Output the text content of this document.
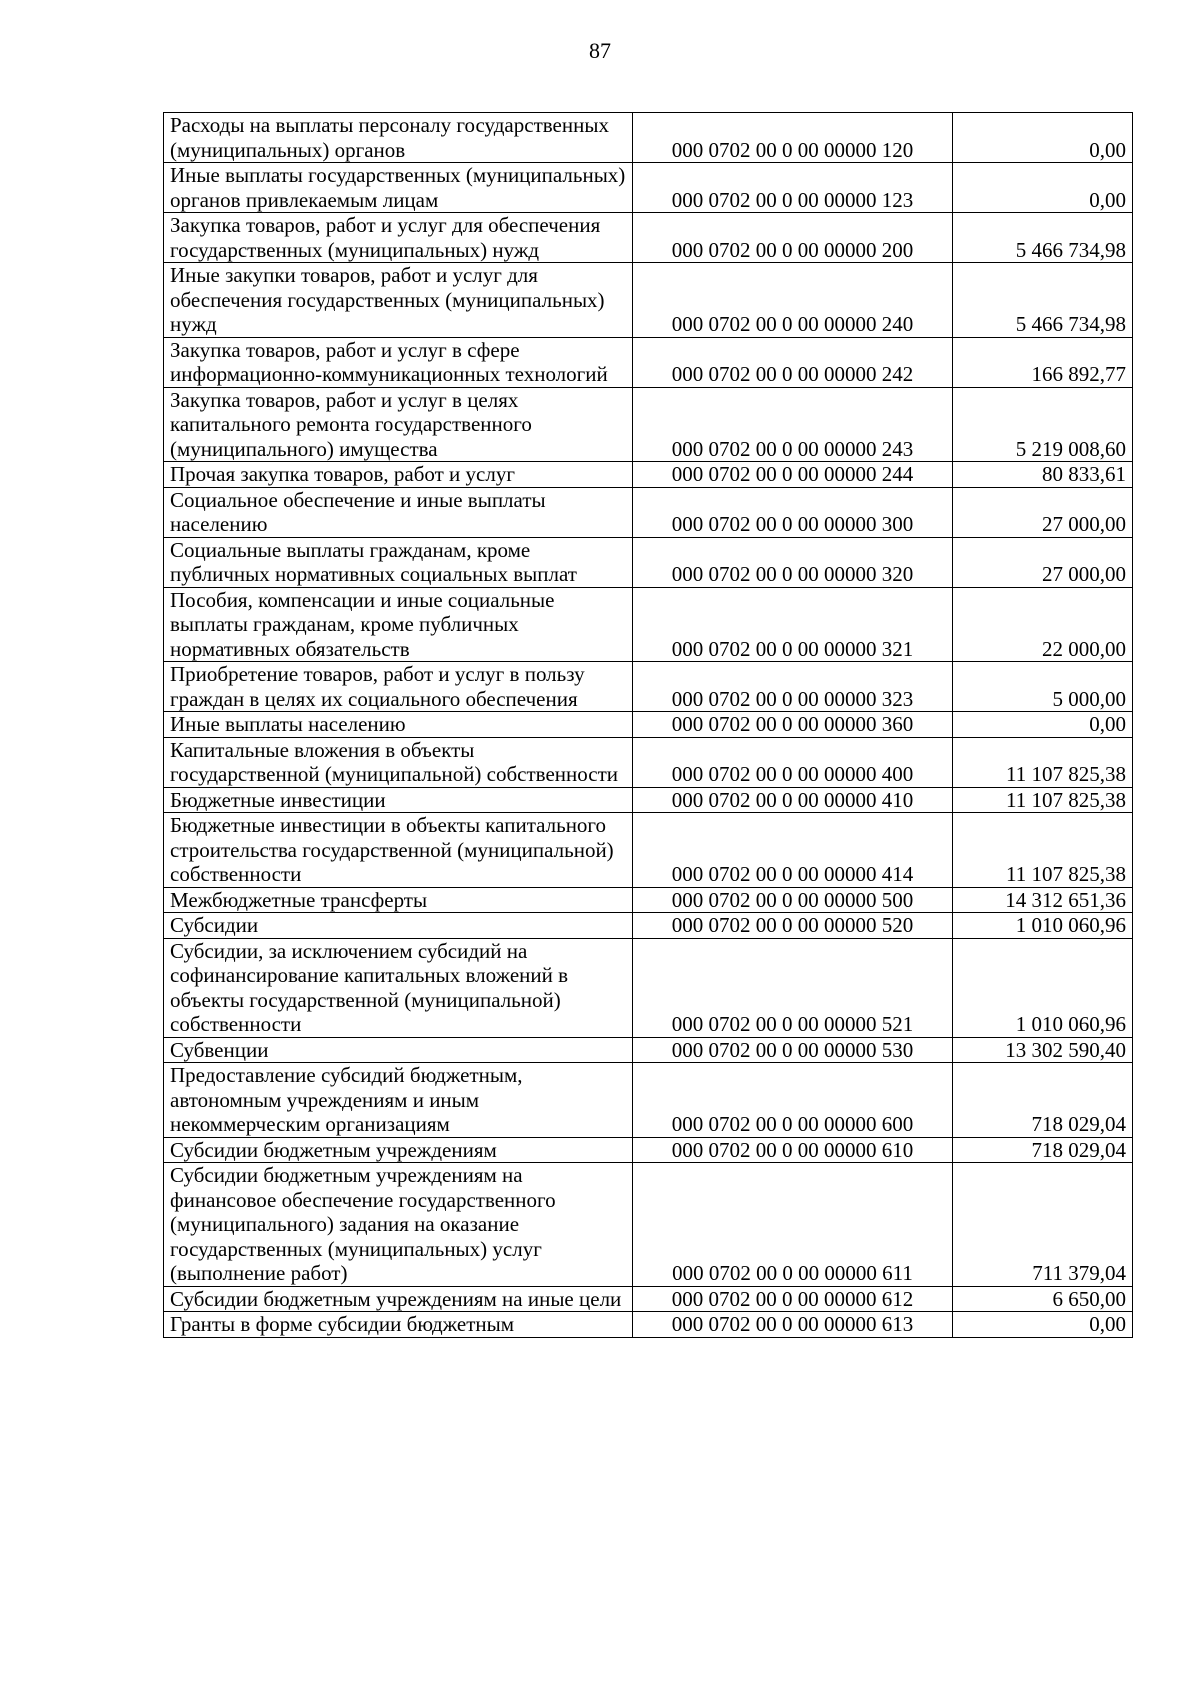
87
Расходы на выплаты персоналу государственных (муниципальных) органов	000 0702 00 0 00 00000 120	0,00
Иные выплаты государственных (муниципальных) органов привлекаемым лицам	000 0702 00 0 00 00000 123	0,00
Закупка товаров, работ и услуг для обеспечения государственных (муниципальных) нужд	000 0702 00 0 00 00000 200	5 466 734,98
Иные закупки товаров, работ и услуг для обеспечения государственных (муниципальных) нужд	000 0702 00 0 00 00000 240	5 466 734,98
Закупка товаров, работ и услуг в сфере информационно-коммуникационных технологий	000 0702 00 0 00 00000 242	166 892,77
Закупка товаров, работ и услуг в целях капитального ремонта государственного (муниципального) имущества	000 0702 00 0 00 00000 243	5 219 008,60
Прочая закупка товаров, работ и услуг	000 0702 00 0 00 00000 244	80 833,61
Социальное обеспечение и иные выплаты населению	000 0702 00 0 00 00000 300	27 000,00
Социальные выплаты гражданам, кроме публичных нормативных социальных выплат	000 0702 00 0 00 00000 320	27 000,00
Пособия, компенсации и иные социальные выплаты гражданам, кроме публичных нормативных обязательств	000 0702 00 0 00 00000 321	22 000,00
Приобретение товаров, работ и услуг в пользу граждан в целях их социального обеспечения	000 0702 00 0 00 00000 323	5 000,00
Иные выплаты населению	000 0702 00 0 00 00000 360	0,00
Капитальные вложения в объекты государственной (муниципальной) собственности	000 0702 00 0 00 00000 400	11 107 825,38
Бюджетные инвестиции	000 0702 00 0 00 00000 410	11 107 825,38
Бюджетные инвестиции в объекты капитального строительства государственной (муниципальной) собственности	000 0702 00 0 00 00000 414	11 107 825,38
Межбюджетные трансферты	000 0702 00 0 00 00000 500	14 312 651,36
Субсидии	000 0702 00 0 00 00000 520	1 010 060,96
Субсидии, за исключением субсидий на софинансирование капитальных вложений в объекты государственной (муниципальной) собственности	000 0702 00 0 00 00000 521	1 010 060,96
Субвенции	000 0702 00 0 00 00000 530	13 302 590,40
Предоставление субсидий бюджетным, автономным учреждениям и иным некоммерческим организациям	000 0702 00 0 00 00000 600	718 029,04
Субсидии бюджетным учреждениям	000 0702 00 0 00 00000 610	718 029,04
Субсидии бюджетным учреждениям на финансовое обеспечение государственного (муниципального) задания на оказание государственных (муниципальных) услуг (выполнение работ)	000 0702 00 0 00 00000 611	711 379,04
Субсидии бюджетным учреждениям на иные цели	000 0702 00 0 00 00000 612	6 650,00
Гранты в форме субсидии бюджетным	000 0702 00 0 00 00000 613	0,00
